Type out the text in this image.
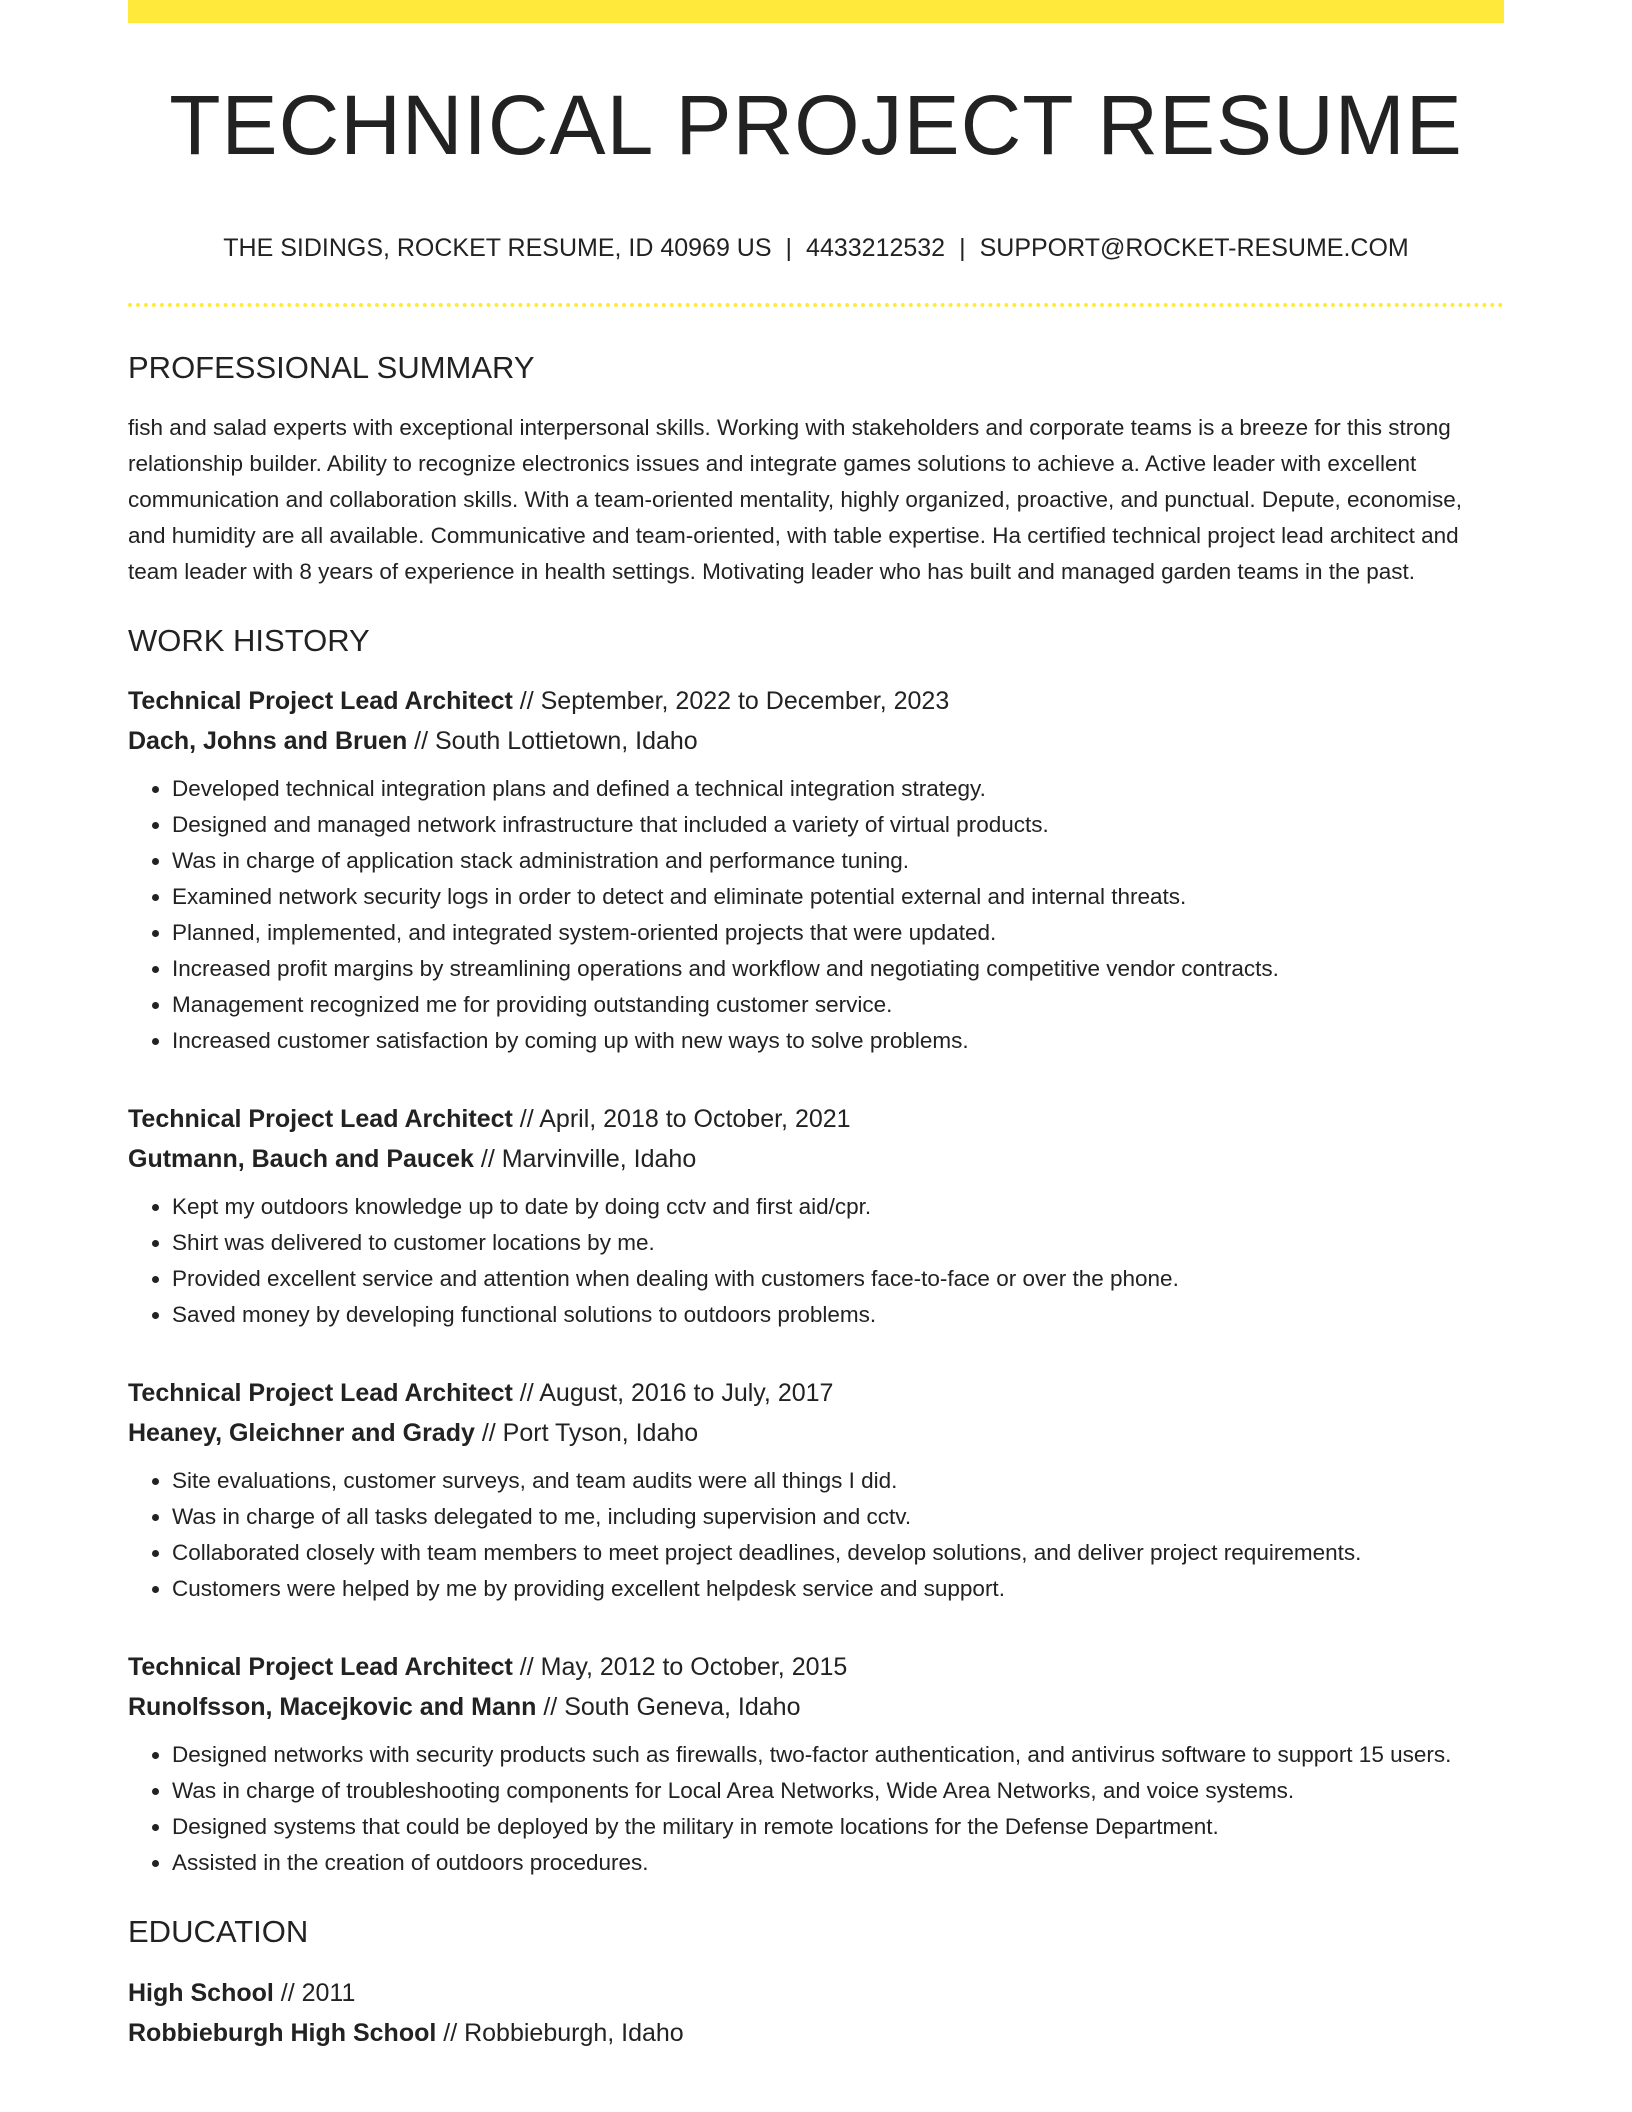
TECHNICAL PROJECT RESUME
THE SIDINGS, ROCKET RESUME, ID 40969 US | 4433212532 | SUPPORT@ROCKET-RESUME.COM
PROFESSIONAL SUMMARY
fish and salad experts with exceptional interpersonal skills. Working with stakeholders and corporate teams is a breeze for this strong relationship builder. Ability to recognize electronics issues and integrate games solutions to achieve a. Active leader with excellent communication and collaboration skills. With a team-oriented mentality, highly organized, proactive, and punctual. Depute, economise, and humidity are all available. Communicative and team-oriented, with table expertise. Ha certified technical project lead architect and team leader with 8 years of experience in health settings. Motivating leader who has built and managed garden teams in the past.
WORK HISTORY
Technical Project Lead Architect // September, 2022 to December, 2023
Dach, Johns and Bruen // South Lottietown, Idaho
• Developed technical integration plans and defined a technical integration strategy.
• Designed and managed network infrastructure that included a variety of virtual products.
• Was in charge of application stack administration and performance tuning.
• Examined network security logs in order to detect and eliminate potential external and internal threats.
• Planned, implemented, and integrated system-oriented projects that were updated.
• Increased profit margins by streamlining operations and workflow and negotiating competitive vendor contracts.
• Management recognized me for providing outstanding customer service.
• Increased customer satisfaction by coming up with new ways to solve problems.
Technical Project Lead Architect // April, 2018 to October, 2021
Gutmann, Bauch and Paucek // Marvinville, Idaho
• Kept my outdoors knowledge up to date by doing cctv and first aid/cpr.
• Shirt was delivered to customer locations by me.
• Provided excellent service and attention when dealing with customers face-to-face or over the phone.
• Saved money by developing functional solutions to outdoors problems.
Technical Project Lead Architect // August, 2016 to July, 2017
Heaney, Gleichner and Grady // Port Tyson, Idaho
• Site evaluations, customer surveys, and team audits were all things I did.
• Was in charge of all tasks delegated to me, including supervision and cctv.
• Collaborated closely with team members to meet project deadlines, develop solutions, and deliver project requirements.
• Customers were helped by me by providing excellent helpdesk service and support.
Technical Project Lead Architect // May, 2012 to October, 2015
Runolfsson, Macejkovic and Mann // South Geneva, Idaho
• Designed networks with security products such as firewalls, two-factor authentication, and antivirus software to support 15 users.
• Was in charge of troubleshooting components for Local Area Networks, Wide Area Networks, and voice systems.
• Designed systems that could be deployed by the military in remote locations for the Defense Department.
• Assisted in the creation of outdoors procedures.
EDUCATION
High School // 2011
Robbieburgh High School // Robbieburgh, Idaho
